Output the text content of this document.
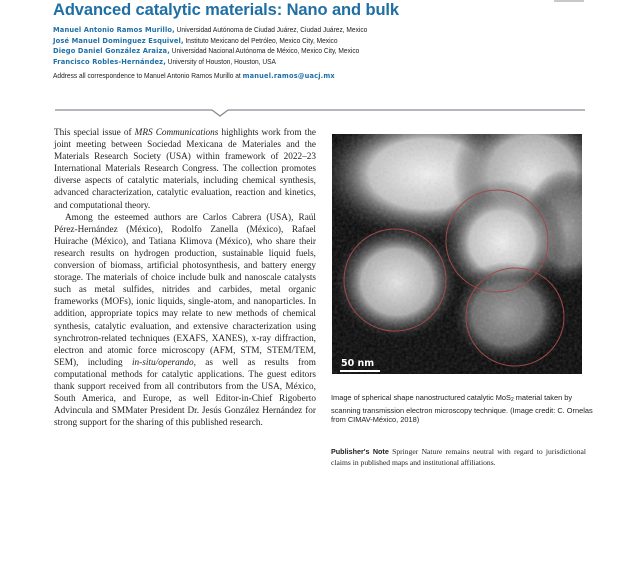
Advanced catalytic materials: Nano and bulk
Manuel Antonio Ramos Murillo, Universidad Autónoma de Ciudad Juárez, Ciudad Juárez, Mexico
José Manuel Dominguez Esquivel, Instituto Mexicano del Petróleo, Mexico City, Mexico
Diego Daniel González Araiza, Universidad Nacional Autónoma de México, Mexico City, Mexico
Francisco Robles-Hernández, University of Houston, Houston, USA
Address all correspondence to Manuel Antonio Ramos Murillo at manuel.ramos@uacj.mx

This special issue of MRS Communications highlights work from the joint meeting between Sociedad Mexicana de Materiales and the Materials Research Society (USA) within framework of 2022–23 International Materials Research Congress. The collection promotes diverse aspects of catalytic materials, including chemical synthesis, advanced characterization, catalytic evaluation, reaction and kinetics, and computational theory.

Among the esteemed authors are Carlos Cabrera (USA), Raúl Pérez-Hernández (México), Rodolfo Zanella (México), Rafael Huirache (México), and Tatiana Klimova (México), who share their research results on hydrogen production, sustainable liquid fuels, conversion of biomass, artificial photosynthesis, and battery energy storage. The materials of choice include bulk and nanoscale catalysts such as metal sulfides, nitrides and carbides, metal organic frameworks (MOFs), ionic liquids, single-atom, and nanoparticles. In addition, appropriate topics may relate to new methods of chemical synthesis, catalytic evaluation, and extensive characterization using synchrotron-related techniques (EXAFS, XANES), x-ray diffraction, electron and atomic force microscopy (AFM, STM, STEM/TEM, SEM), including in-situ/operando, as well as results from computational methods for catalytic applications. The guest editors thank support received from all contributors from the USA, México, South America, and Europe, as well Editor-in-Chief Rigoberto Advincula and SMMater President Dr. Jesús González Hernández for strong support for the sharing of this published research.

50 nm
Image of spherical shape nanostructured catalytic MoS$_2$ material taken by scanning transmission electron microscopy technique. (Image credit: C. Ornelas from CIMAV-México, 2018)
Publisher's Note Springer Nature remains neutral with regard to jurisdictional claims in published maps and institutional affiliations.
